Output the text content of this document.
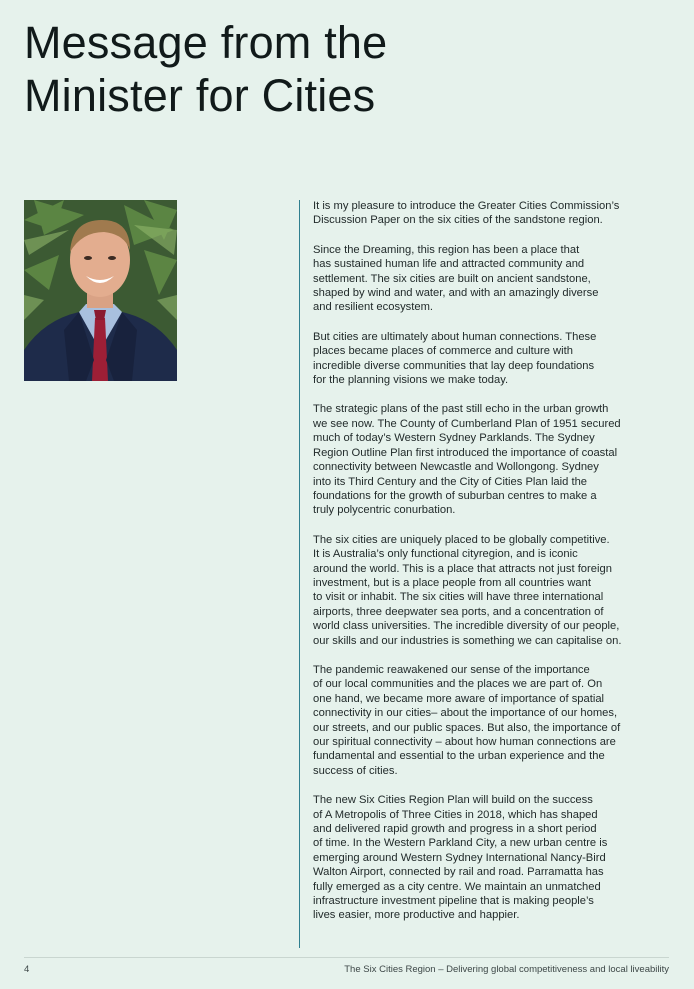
Message from the
Minister for Cities

It is my pleasure to introduce the Greater Cities Commission’s
Discussion Paper on the six cities of the sandstone region.

Since the Dreaming, this region has been a place that
has sustained human life and attracted community and
settlement. The six cities are built on ancient sandstone,
shaped by wind and water, and with an amazingly diverse
and resilient ecosystem.

But cities are ultimately about human connections. These
places became places of commerce and culture with
incredible diverse communities that lay deep foundations
for the planning visions we make today.

The strategic plans of the past still echo in the urban growth
we see now. The County of Cumberland Plan of 1951 secured
much of today’s Western Sydney Parklands. The Sydney
Region Outline Plan first introduced the importance of coastal
connectivity between Newcastle and Wollongong. Sydney
into its Third Century and the City of Cities Plan laid the
foundations for the growth of suburban centres to make a
truly polycentric conurbation.

The six cities are uniquely placed to be globally competitive.
It is Australia’s only functional cityregion, and is iconic
around the world. This is a place that attracts not just foreign
investment, but is a place people from all countries want
to visit or inhabit. The six cities will have three international
airports, three deepwater sea ports, and a concentration of
world class universities. The incredible diversity of our people,
our skills and our industries is something we can capitalise on.

The pandemic reawakened our sense of the importance
of our local communities and the places we are part of. On
one hand, we became more aware of importance of spatial
connectivity in our cities– about the importance of our homes,
our streets, and our public spaces. But also, the importance of
our spiritual connectivity – about how human connections are
fundamental and essential to the urban experience and the
success of cities.

The new Six Cities Region Plan will build on the success
of A Metropolis of Three Cities in 2018, which has shaped
and delivered rapid growth and progress in a short period
of time. In the Western Parkland City, a new urban centre is
emerging around Western Sydney International Nancy-Bird
Walton Airport, connected by rail and road. Parramatta has
fully emerged as a city centre. We maintain an unmatched
infrastructure investment pipeline that is making people’s
lives easier, more productive and happier.

4	The Six Cities Region – Delivering global competitiveness and local liveability
